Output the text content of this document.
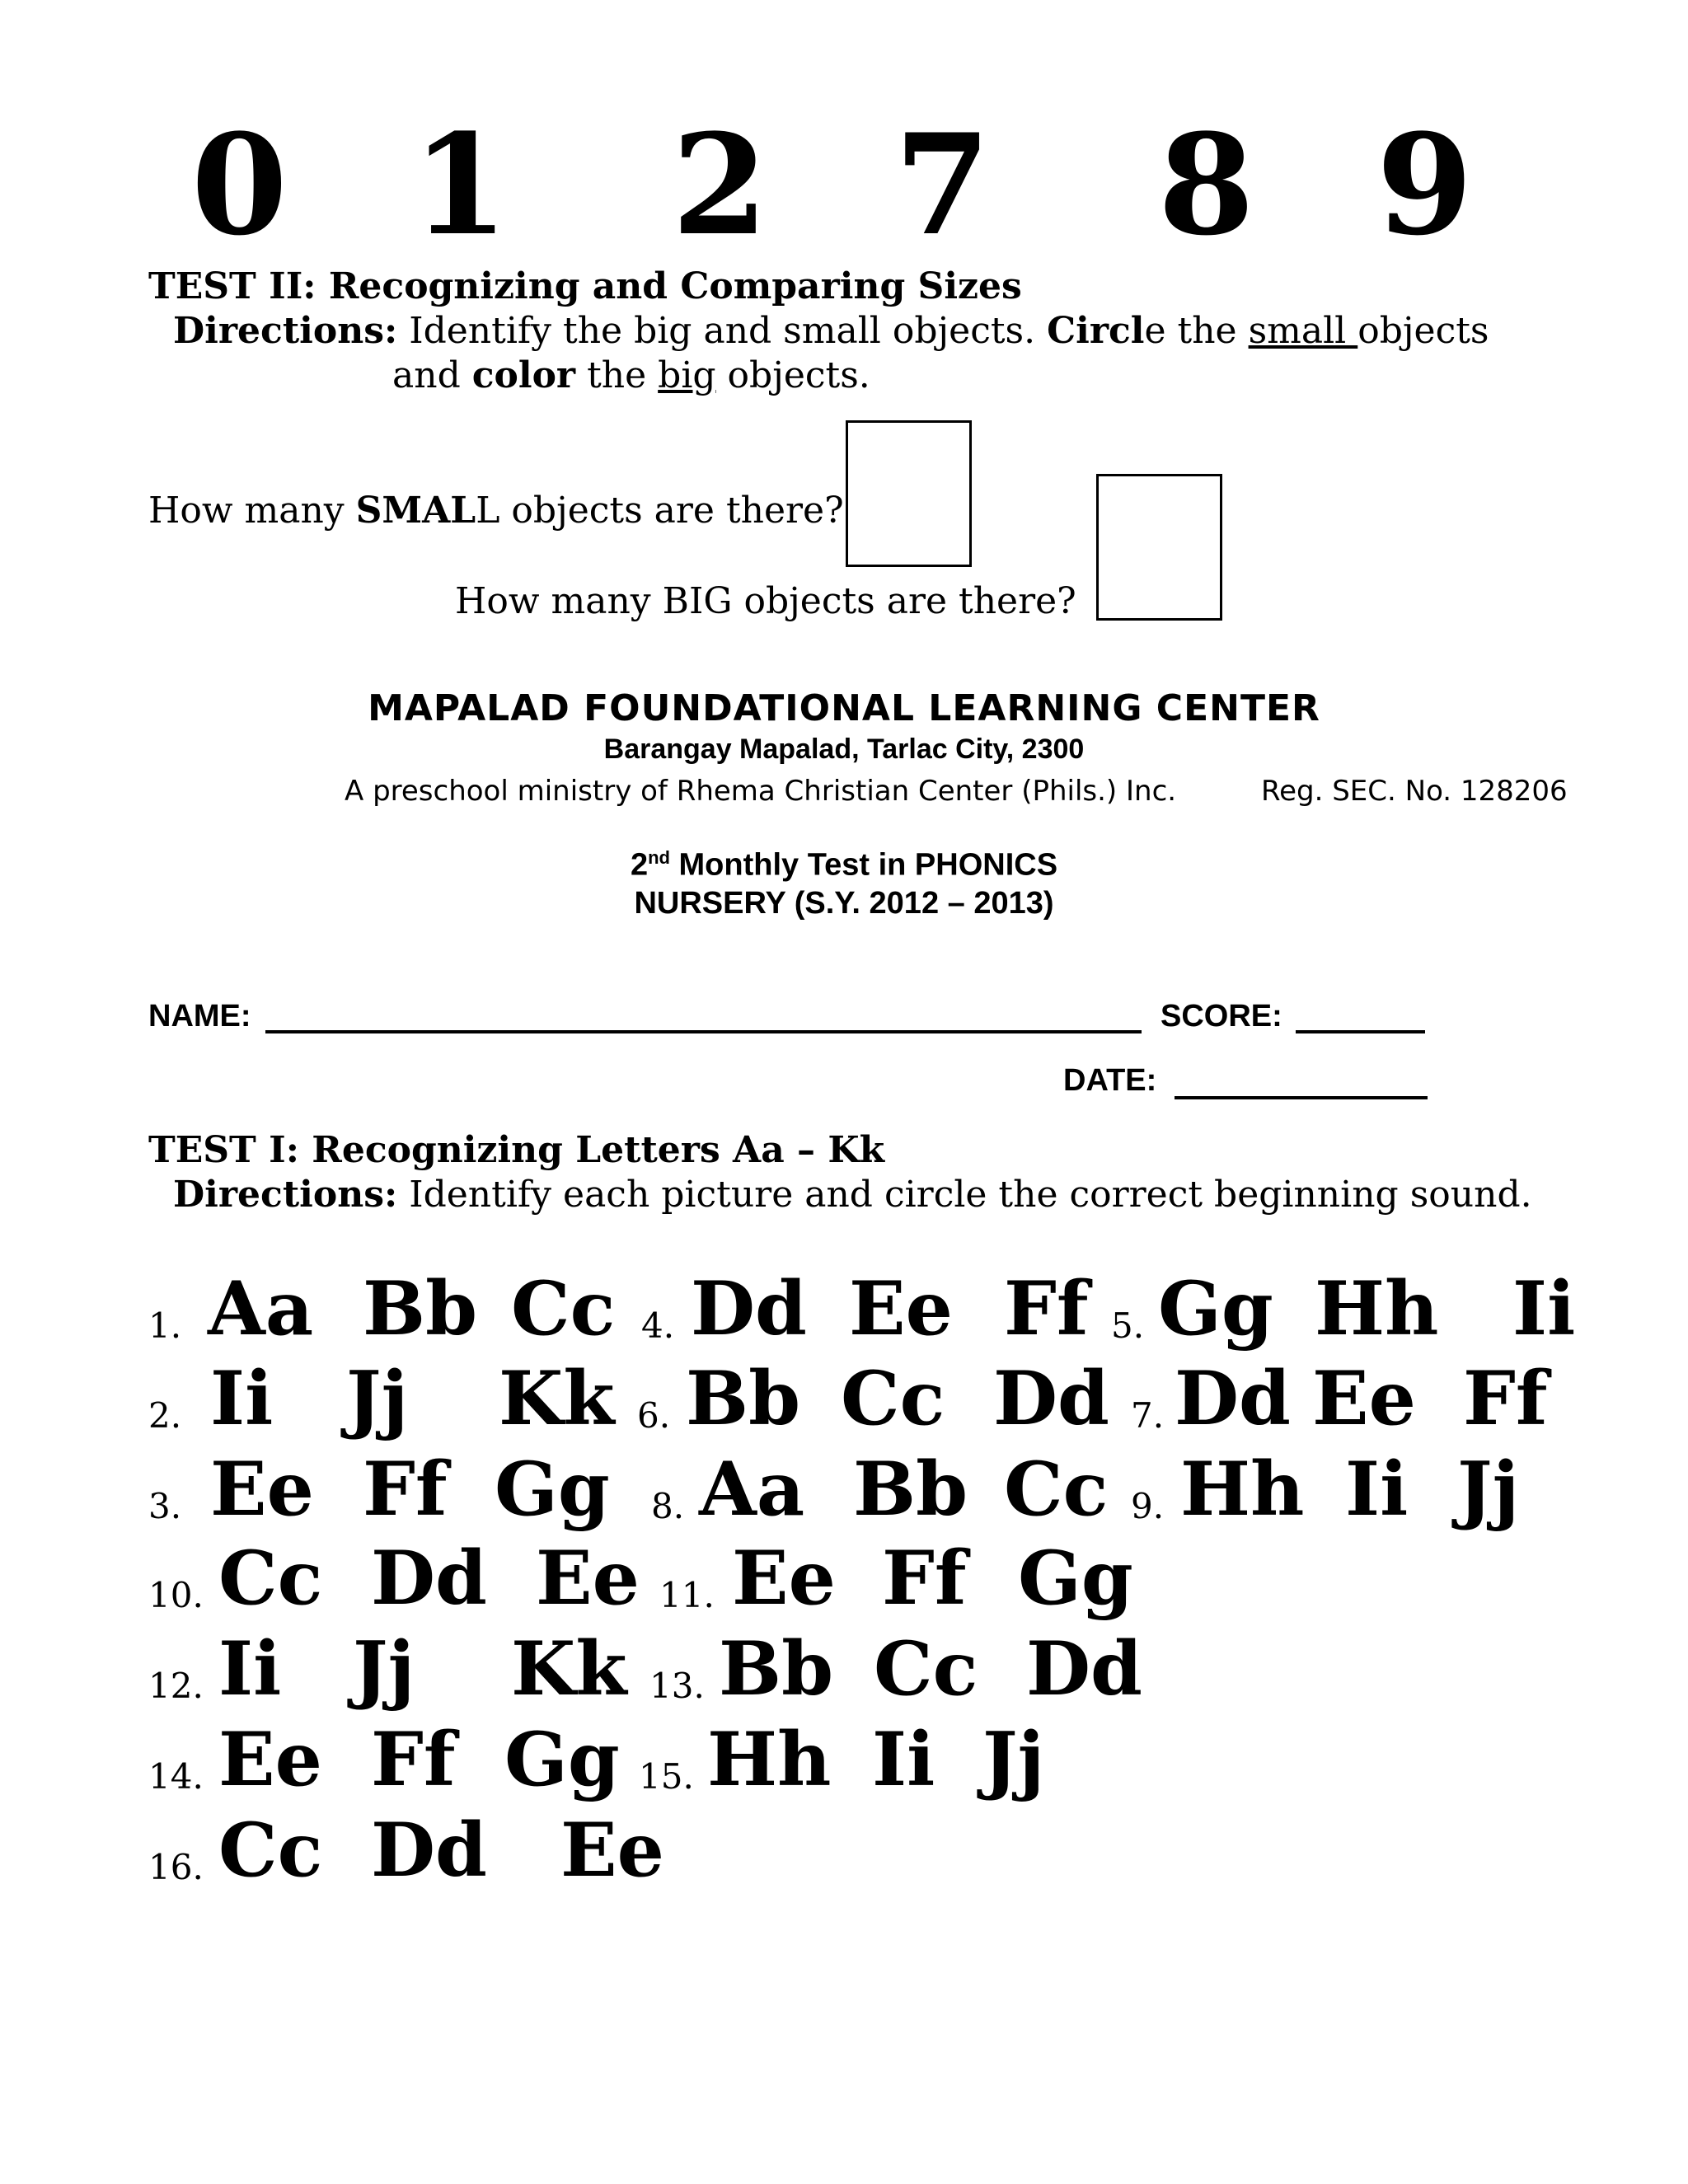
0 1 2 7 8 9
TEST II: Recognizing and Comparing Sizes
Directions: Identify the big and small objects. Circle the small objects
and color the big objects.
How many SMALL objects are there?
How many BIG objects are there?
MAPALAD FOUNDATIONAL LEARNING CENTER
Barangay Mapalad, Tarlac City, 2300
A preschool ministry of Rhema Christian Center (Phils.) Inc.	Reg. SEC. No. 128206
2nd Monthly Test in PHONICS
NURSERY (S.Y. 2012 – 2013)
NAME:	SCORE:
DATE:
TEST I: Recognizing Letters Aa – Kk
Directions: Identify each picture and circle the correct beginning sound.
1. Aa Bb Cc 4. Dd Ee Ff 5. Gg Hh Ii
2. Ii Jj Kk 6. Bb Cc Dd 7. Dd Ee Ff
3. Ee Ff Gg 8. Aa Bb Cc 9. Hh Ii Jj
10. Cc Dd Ee 11. Ee Ff Gg
12. Ii Jj Kk 13. Bb Cc Dd
14. Ee Ff Gg 15. Hh Ii Jj
16. Cc Dd Ee
